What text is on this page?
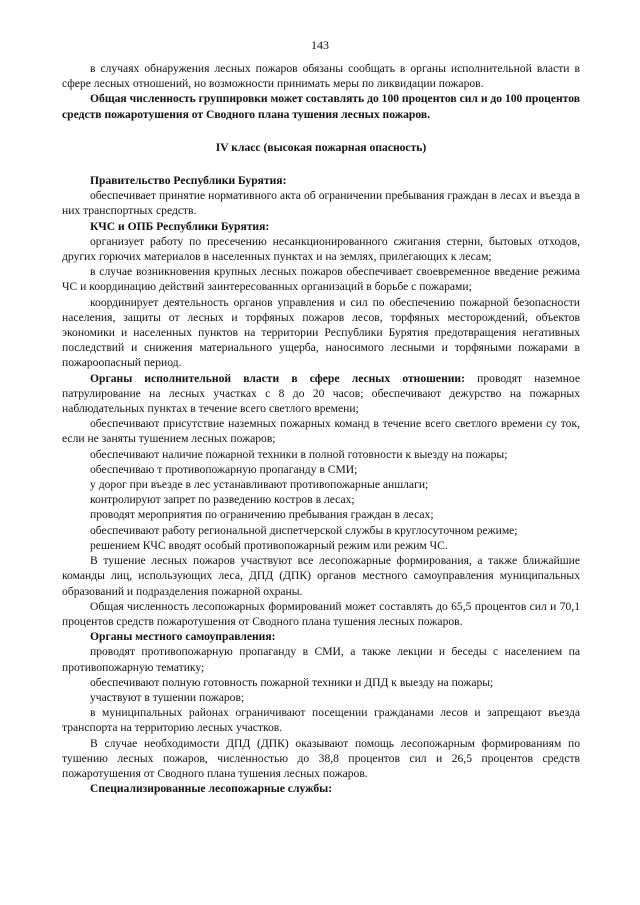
143

в случаях обнаружения лесных пожаров обязаны сообщать в органы исполнительной власти в сфере лесных отношений, но возможности принимать меры по ликвидации пожаров.

Общая численность группировки может составлять до 100 процентов сил и до 100 процентов средств пожаротушения от Сводного плана тушения лесных пожаров.

IV класс (высокая пожарная опасность)

Правительство Республики Бурятия:

обеспечивает принятие нормативного акта об ограничении пребывания граждан в лесах и въезда в них транспортных средств.

КЧС и ОПБ Республики Бурятия:

организует работу по пресечению несанкционированного сжигания стерни, бытовых отходов, других горючих материалов в населенных пунктах и на землях, прилегающих к лесам;

в случае возникновения крупных лесных пожаров обеспечивает своевременное введение режима ЧС и координацию действий заинтересованных организаций в борьбе с пожарами;

координирует деятельность органов управления и сил по обеспечению пожарной безопасности населения, защиты от лесных и торфяных пожаров лесов, торфяных месторождений, объектов экономики и населенных пунктов на территории Республики Бурятия предотвращения негативных последствий и снижения материального ущерба, наносимого лесными и торфяными пожарами в пожароопасный период.

Органы исполнительной власти в сфере лесных отношении: проводят наземное патрулирование на лесных участках с 8 до 20 часов; обеспечивают дежурство на пожарных наблюдательных пунктах в течение всего светлого времени;

обеспечивают присутствие наземных пожарных команд в течение всего светлого времени су ток, если не заняты тушением лесных пожаров;

обеспечивают наличие пожарной техники в полной готовности к выезду на пожары;

обеспечиваю т противопожарную пропаганду в СМИ;

у дорог при въезде в лес устанавливают противопожарные аншлаги;

контролируют запрет по разведению костров в лесах;

проводят мероприятия по ограничению пребывания граждан в лесах;

обеспечивают работу региональной диспетчерской службы в круглосуточном режиме;

решением КЧС вводят особый противопожарный режим или режим ЧС.

В тушение лесных пожаров участвуют все лесопожарные формирования, а также ближайшие команды лиц, использующих леса, ДПД (ДПК) органов местного самоуправления муниципальных образований и подразделения пожарной охраны.

Общая численность лесопожарных формирований может составлять до 65,5 процентов сил и 70,1 процентов средств пожаротушения от Сводного плана тушения лесных пожаров.

Органы местного самоуправления:

проводят противопожарную пропаганду в СМИ, а также лекции и беседы с населением па противопожарную тематику;

обеспечивают полную готовность пожарной техники и ДПД к выезду на пожары;

участвуют в тушении пожаров;

в муниципальных районах ограничивают посещении гражданами лесов и запрещают въезда транспорта на территорию лесных участков.

В случае необходимости ДПД (ДПК) оказывают помощь лесопожарным формированиям по тушению лесных пожаров, численностью до 38,8 процентов сил и 26,5 процентов средств пожаротушения от Сводного плана тушения лесных пожаров.

Специализированные лесопожарные службы:
